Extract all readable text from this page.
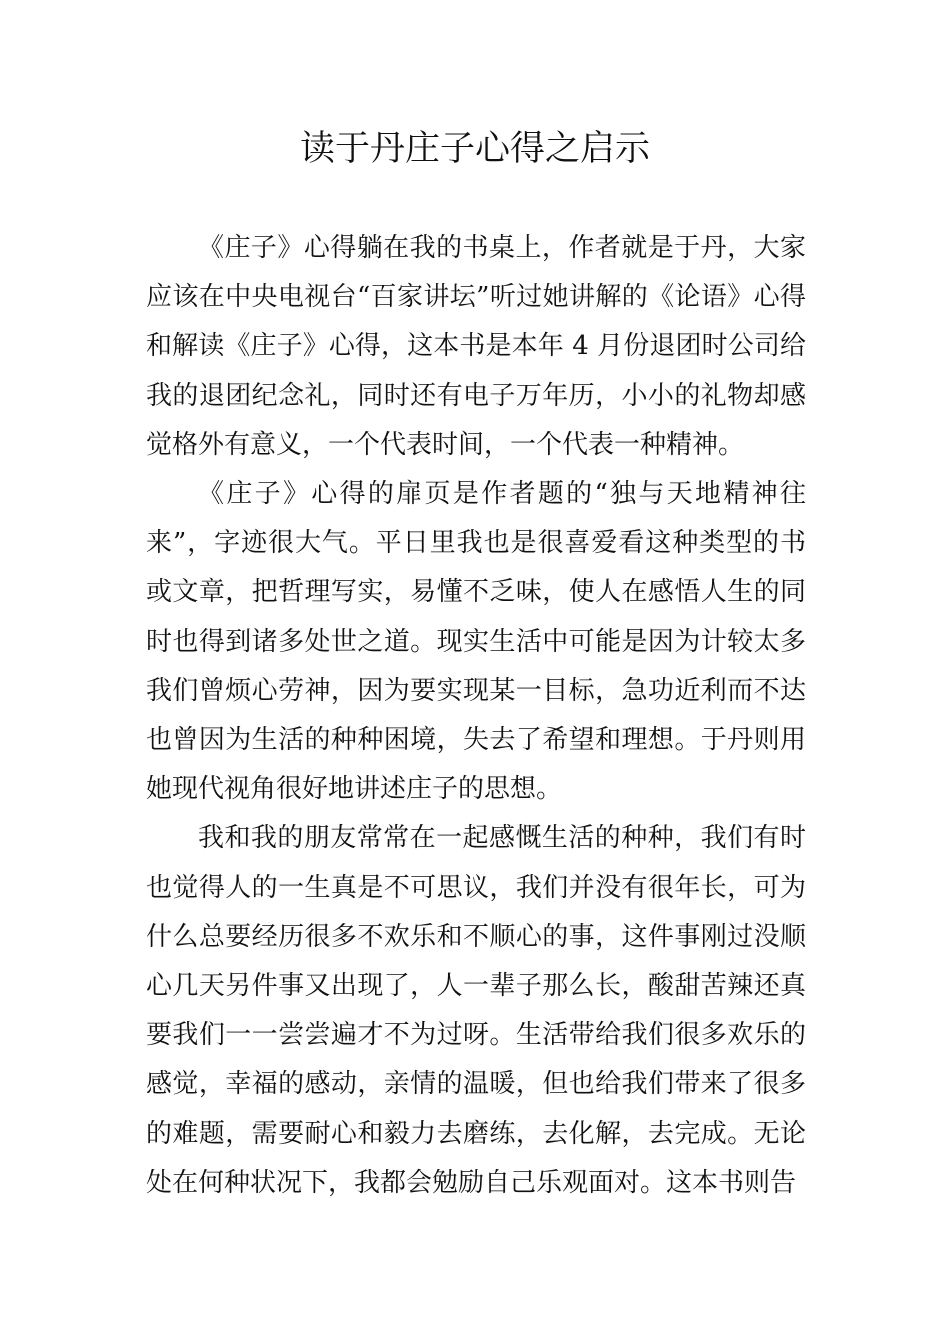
读于丹庄子心得之启示

《庄子》心得躺在我的书桌上，作者就是于丹，大家应该在中央电视台“百家讲坛”听过她讲解的《论语》心得和解读《庄子》心得，这本书是本年 4 月份退团时公司给我的退团纪念礼，同时还有电子万年历，小小的礼物却感觉格外有意义，一个代表时间，一个代表一种精神。

《庄子》心得的扉页是作者题的“独与天地精神往来”，字迹很大气。平日里我也是很喜爱看这种类型的书或文章，把哲理写实，易懂不乏味，使人在感悟人生的同时也得到诸多处世之道。现实生活中可能是因为计较太多我们曾烦心劳神，因为要实现某一目标，急功近利而不达也曾因为生活的种种困境，失去了希望和理想。于丹则用她现代视角很好地讲述庄子的思想。

我和我的朋友常常在一起感慨生活的种种，我们有时也觉得人的一生真是不可思议，我们并没有很年长，可为什么总要经历很多不欢乐和不顺心的事，这件事刚过没顺心几天另件事又出现了，人一辈子那么长，酸甜苦辣还真要我们一一尝尝遍才不为过呀。生活带给我们很多欢乐的感觉，幸福的感动，亲情的温暖，但也给我们带来了很多的难题，需要耐心和毅力去磨练，去化解，去完成。无论处在何种状况下，我都会勉励自己乐观面对。这本书则告
